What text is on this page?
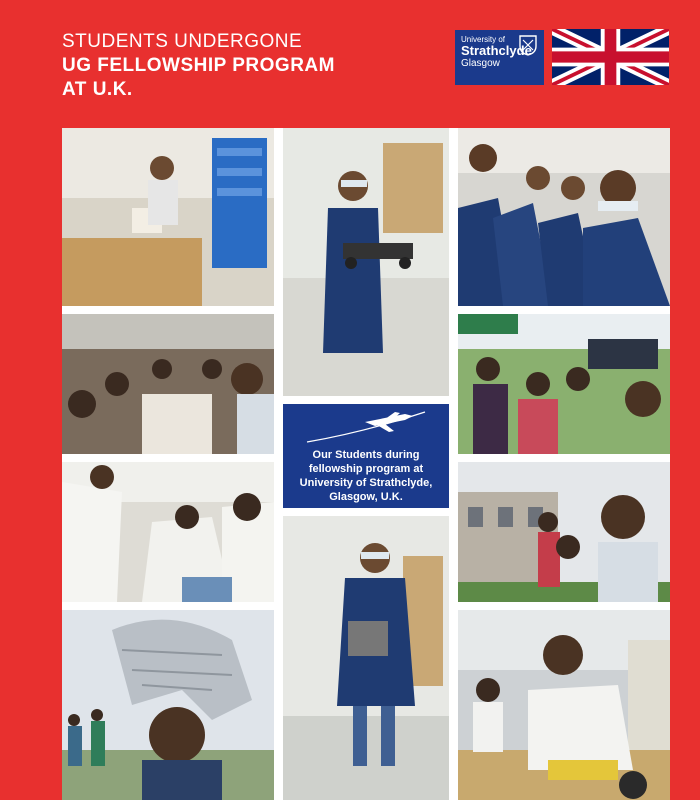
STUDENTS UNDERGONE
UG FELLOWSHIP PROGRAM
AT U.K.
University of
Strathclyde
Glasgow
Our Students during fellowship program at University of Strathclyde, Glasgow, U.K.
